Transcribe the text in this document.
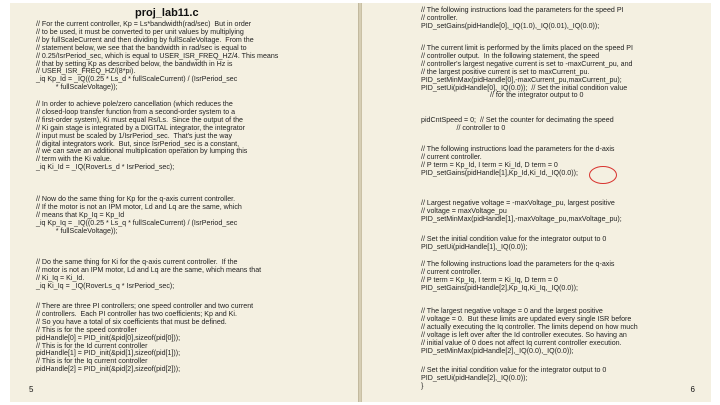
proj_lab11.c
// For the current controller, Kp = Ls*bandwidth(rad/sec)  But in order
// to be used, it must be converted to per unit values by multiplying
// by fullScaleCurrent and then dividing by fullScaleVoltage.  From the
// statement below, we see that the bandwidth in rad/sec is equal to
// 0.25/IsrPeriod_sec, which is equal to USER_ISR_FREQ_HZ/4. This means
// that by setting Kp as described below, the bandwidth in Hz is
// USER_ISR_FREQ_HZ/(8*pi).
_iq Kp_Id = _IQ((0.25 * Ls_d * fullScaleCurrent) / (IsrPeriod_sec
* fullScaleVoltage));
// In order to achieve pole/zero cancellation (which reduces the
// closed-loop transfer function from a second-order system to a
// first-order system), Ki must equal Rs/Ls.  Since the output of the
// Ki gain stage is integrated by a DIGITAL integrator, the integrator
// input must be scaled by 1/IsrPeriod_sec.  That's just the way
// digital integrators work.  But, since IsrPeriod_sec is a constant,
// we can save an additional multiplication operation by lumping this
// term with the Ki value.
_iq Ki_Id = _IQ(RoverLs_d * IsrPeriod_sec);
// Now do the same thing for Kp for the q-axis current controller.
// If the motor is not an IPM motor, Ld and Lq are the same, which
// means that Kp_Iq = Kp_Id
_iq Kp_Iq = _IQ((0.25 * Ls_q * fullScaleCurrent) / (IsrPeriod_sec
* fullScaleVoltage));
// Do the same thing for Ki for the q-axis current controller.  If the
// motor is not an IPM motor, Ld and Lq are the same, which means that
// Ki_Iq = Ki_Id.
_iq Ki_Iq = _IQ(RoverLs_q * IsrPeriod_sec);
// There are three PI controllers; one speed controller and two current
// controllers.  Each PI controller has two coefficients; Kp and Ki.
// So you have a total of six coefficients that must be defined.
// This is for the speed controller
pidHandle[0] = PID_init(&pid[0],sizeof(pid[0]));
// This is for the Id current controller
pidHandle[1] = PID_init(&pid[1],sizeof(pid[1]));
// This is for the Iq current controller
pidHandle[2] = PID_init(&pid[2],sizeof(pid[2]));
5
// The following instructions load the parameters for the speed PI
// controller.
PID_setGains(pidHandle[0],_IQ(1.0),_IQ(0.01),_IQ(0.0));
// The current limit is performed by the limits placed on the speed PI
// controller output.  In the following statement, the speed
// controller's largest negative current is set to -maxCurrent_pu, and
// the largest positive current is set to maxCurrent_pu.
PID_setMinMax(pidHandle[0],-maxCurrent_pu,maxCurrent_pu);
PID_setUi(pidHandle[0],_IQ(0.0));  // Set the initial condition value
// for the integrator output to 0
pidCntSpeed = 0;  // Set the counter for decimating the speed
// controller to 0
// The following instructions load the parameters for the d-axis
// current controller.
// P term = Kp_Id, I term = Ki_Id, D term = 0
PID_setGains(pidHandle[1],Kp_Id,Ki_Id,_IQ(0.0));
// Largest negative voltage = -maxVoltage_pu, largest positive
// voltage = maxVoltage_pu
PID_setMinMax(pidHandle[1],-maxVoltage_pu,maxVoltage_pu);
// Set the initial condition value for the integrator output to 0
PID_setUi(pidHandle[1],_IQ(0.0));
// The following instructions load the parameters for the q-axis
// current controller.
// P term = Kp_Iq, I term = Ki_Iq, D term = 0
PID_setGains(pidHandle[2],Kp_Iq,Ki_Iq,_IQ(0.0));
// The largest negative voltage = 0 and the largest positive
// voltage = 0.  But these limits are updated every single ISR before
// actually executing the Iq controller. The limits depend on how much
// voltage is left over after the Id controller executes. So having an
// initial value of 0 does not affect Iq current controller execution.
PID_setMinMax(pidHandle[2],_IQ(0.0),_IQ(0.0));
// Set the initial condition value for the integrator output to 0
PID_setUi(pidHandle[2],_IQ(0.0));
}	6
